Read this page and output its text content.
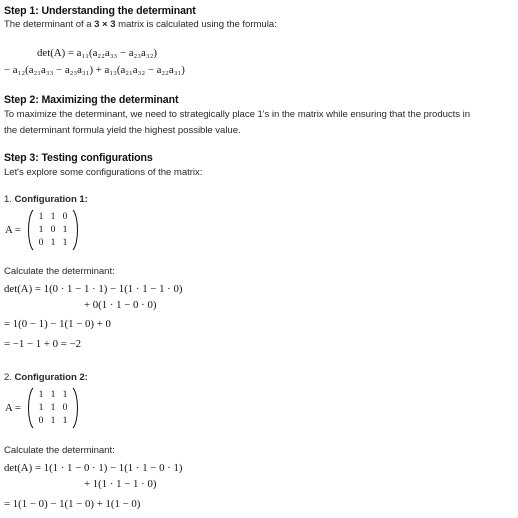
Step 1: Understanding the determinant
The determinant of a 3 × 3 matrix is calculated using the formula:
det(A) = a₁₁(a₂₂a₃₃ − a₂₃a₃₂)
− a₁₂(a₂₁a₃₃ − a₂₃a₃₁) + a₁₃(a₂₁a₃₂ − a₂₂a₃₁)
Step 2: Maximizing the determinant
To maximize the determinant, we need to strategically place 1's in the matrix while ensuring that the products in
the determinant formula yield the highest possible value.
Step 3: Testing configurations
Let's explore some configurations of the matrix:
1. Configuration 1:
A =
1 1 0
1 0 1
0 1 1
Calculate the determinant:
det(A) = 1(0 · 1 − 1 · 1) − 1(1 · 1 − 1 · 0)
+ 0(1 · 1 − 0 · 0)
= 1(0 − 1) − 1(1 − 0) + 0
= −1 − 1 + 0 = −2
2. Configuration 2:
A =
1 1 1
1 1 0
0 1 1
Calculate the determinant:
det(A) = 1(1 · 1 − 0 · 1) − 1(1 · 1 − 0 · 1)
+ 1(1 · 1 − 1 · 0)
= 1(1 − 0) − 1(1 − 0) + 1(1 − 0)
